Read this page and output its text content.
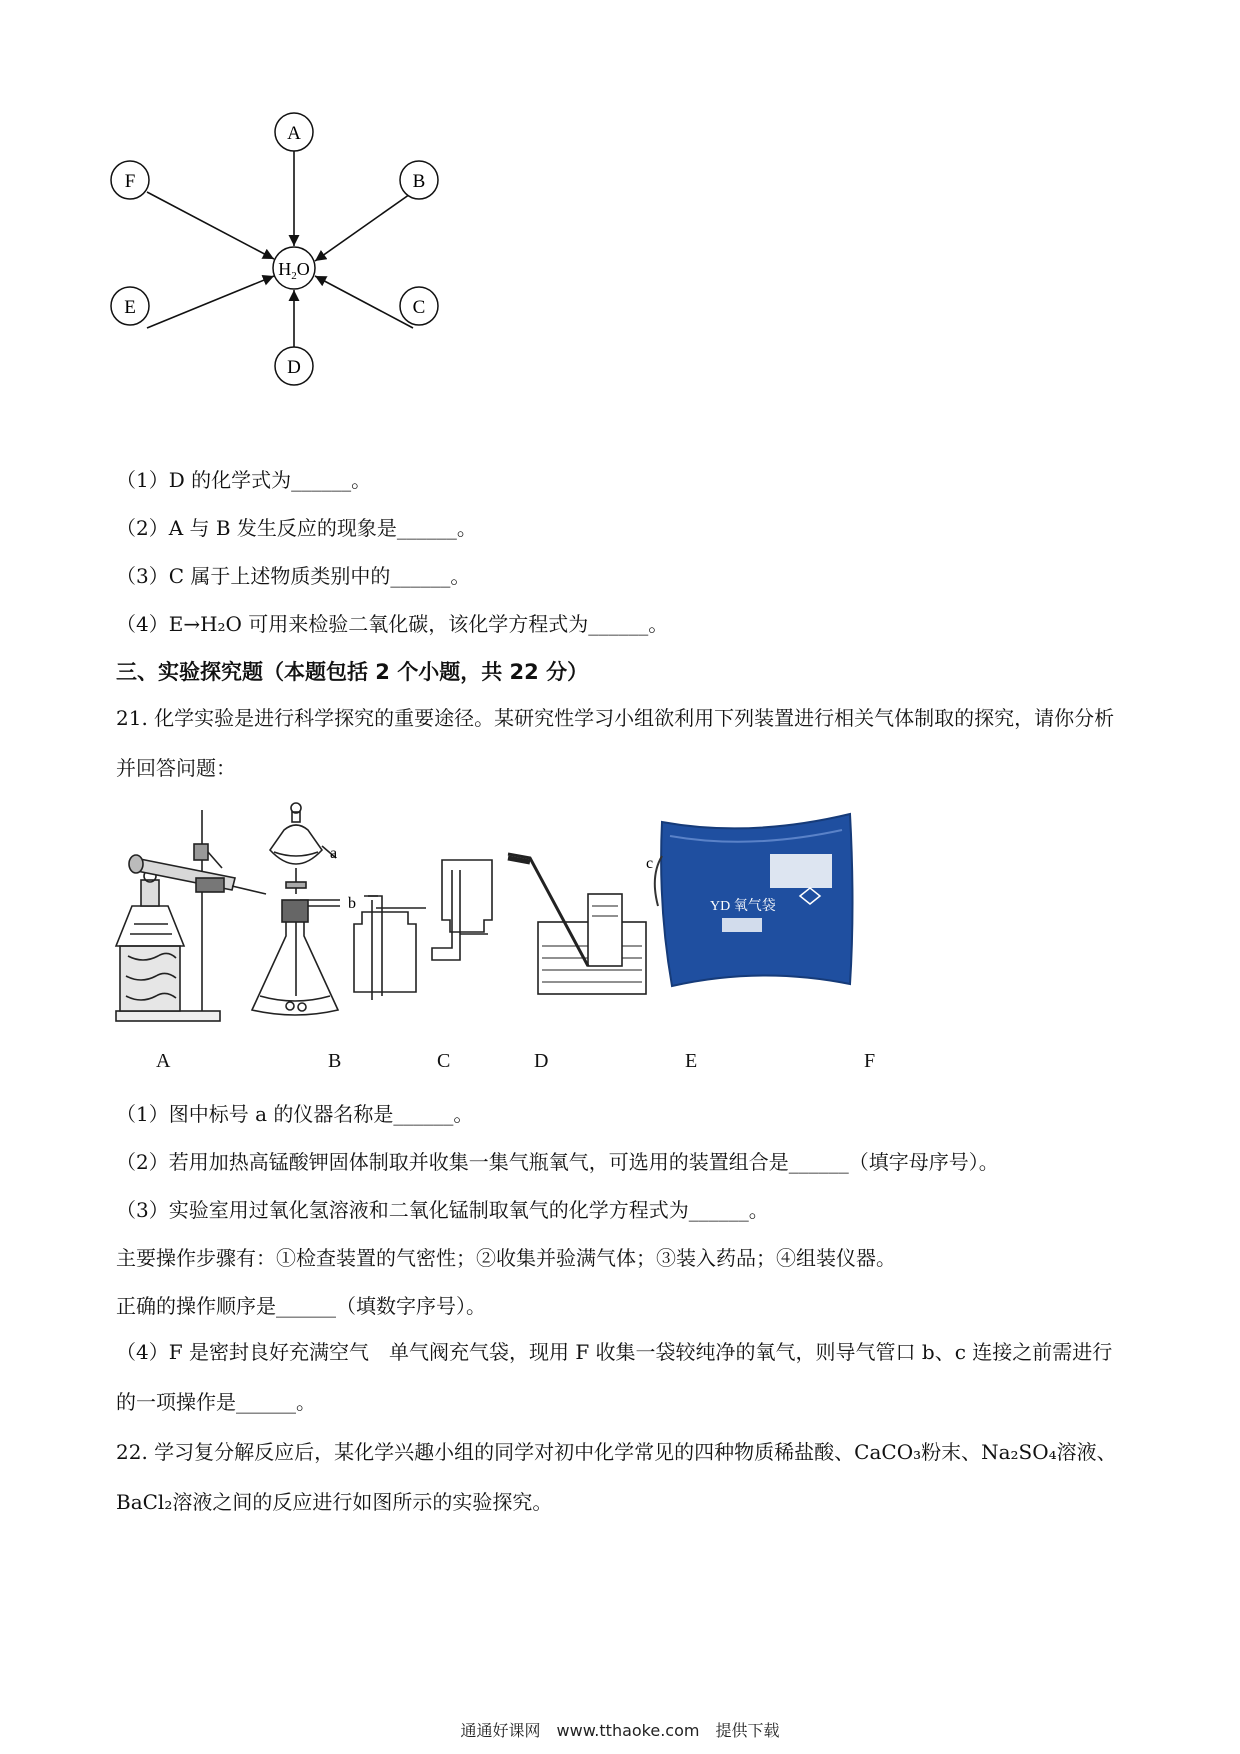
A
B
C
D
E
F
$H_2O$
（1）D 的化学式为______。
（2）A 与 B 发生反应的现象是______。
（3）C 属于上述物质类别中的______。
（4）E→H₂O 可用来检验二氧化碳，该化学方程式为______。
三、实验探究题（本题包括 2 个小题，共 22 分）
21. 化学实验是进行科学探究的重要途径。某研究性学习小组欲利用下列装置进行相关气体制取的探究，请你分析并回答问题：
YD 氧气袋
a
b
c
A	B	C	D	E	F
（1）图中标号 a 的仪器名称是______。
（2）若用加热高锰酸钾固体制取并收集一集气瓶氧气，可选用的装置组合是______（填字母序号）。
（3）实验室用过氧化氢溶液和二氧化锰制取氧气的化学方程式为______。
主要操作步骤有：①检查装置的气密性；②收集并验满气体；③装入药品；④组装仪器。
正确的操作顺序是______（填数字序号）。
（4）F 是密封良好充满空气　单气阀充气袋，现用 F 收集一袋较纯净的氧气，则导气管口 b、c 连接之前需进行的一项操作是______。
22. 学习复分解反应后，某化学兴趣小组的同学对初中化学常见的四种物质稀盐酸、CaCO₃粉末、Na₂SO₄溶液、BaCl₂溶液之间的反应进行如图所示的实验探究。
通通好课网　www.tthaoke.com　提供下载
